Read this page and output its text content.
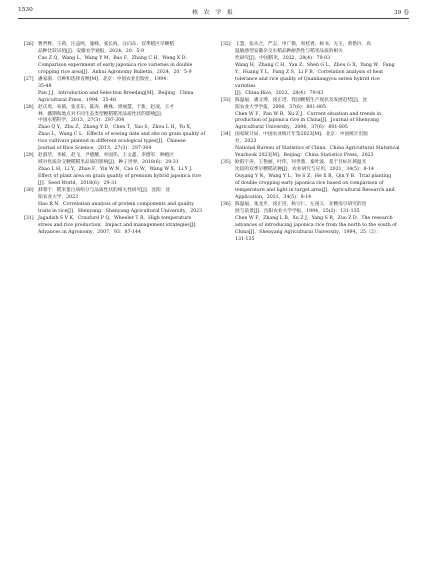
1530	核 农 学 报	39 卷
[26] 曹哲桦，王莉，汪益鸣，施峰，张长海，汪向东．双季稻区早粳稻
品种比较试验[J]．安徽农学通报，2024，20：5-9
Cao Z Q，Wang L，Wang Y M，Bao F，Zhang C H，Wang X D．
Comparison experiment of early japonica rice varieties in double
cropping rice area[J]．Anhui Agronomy Bulletin，2024，20：5-9
[27] 潘家驹．引种和选择育种[M]．北京：中国农业出版社，1994：
35-48
Pan J J．Introduction and Selection Breeding[M]．Beijing：China
Agricultural Press，1994：35-48
[28] 赵庆勇，朱镇，张亚东，陈涛，姚姝，周丽慧，于新，赵凌，王才
林．播期和地点对不同生态类型粳稻稻米品质性状的影响[J]．
中国水稻科学，2013，27(3)：297-304
Zhao Q Y，Zhu Z，Zhang Y D，Chen T，Yao S，Zhou L H，Yu X，
Zhao L，Wang C L．Effects of sowing date and site on grain quality of
rice cultivars planted in different ecological types[J]．Chinese
Journal of Rice Science，2013，27(3)：297-304
[29] 赵淑华，李栋，赵飞，尹德耀，单国伟，王文鑫，李德军．种植区
域对优质杂交粳稻稻米品质的影响[J]．种子世界，2018(6)：29-31
Zhao L H，Li Y，Zhao F，Yin W N，Cao G W，Wang W X，Li Y J．
Effect of plant area on grain quality of premium hybrid japonica rice
[J]．Seed World，2018(6)：29-31
[30] 郝蓉宇．稻米蛋白质组分与品质性状的相关性研究[J]．沈阳：沈
阳农业大学，2023
Hao R N．Correlation analysis of protein components and quality
traits in rice[J]．Shenyang：Shenyang Agricultural University，2023
[31] Jagadish S V K，Craufurd P Q，Wheeler T R．High temperature
stress and rice production：Impact and management strategies[J]．
Advances in Agronomy，2007，93：87-144
[32] 王慧，张从合，严志，申广勒，周桂香，杨书，方玉，黄艳玲．高
温敏感型安徽杂交水稻品种耐热性与稻米品质的相关
性研究[J]．中国稻米，2022，28(4)：79-83
Wang H，Zhang C H，Yan Z，Shen G L，Zhou G X，Yang W，Fang
Y，Huang Y L，Fang Z S，Li F B．Correlation analysis of heat
tolerance and rice quality of Quanliangyou series hybrid rice varieties
[J]．China Rice，2022，28(4)：79-83
[33] 陈温福，潘文博，徐正进．我国粳稻生产现状及发展趋势[J]．沈
阳农业大学学报，2006，37(6)：801-805
Chen W F，Pan W B，Xu Z J．Current situation and trends in
production of japonica rice in China[J]．Journal of Shenyang
Agricultural University，2006，37(6)：801-805
[34] 国家统计局．中国农业统计年鉴2023[M]．北京：中国统计出版
社，2023
National Bureau of Statistics of China．China Agricultural Statistical
Yearbook 2023[M]．Beijing：China Statistics Press，2023
[35] 欧阳宇涛，王艳丽，叶伟，何世鼎，秦叶波．基于目标区域温光
比较的双季早粳稻试种[J]．农业研究与应用，2021，34(5)：8-14
Ouyang Y N，Wang Y L，Ye S Z，He X B，Qin Y B．Trial planting
of double cropping early japonica rice based on comparison of
temperature and light in target area[J]．Agricultural Research and
Application，2021，34(5)：8-14
[36] 陈温福，张龙步，徐正进，杨守仁，左国义．北粳南引研究的进
展与前景[J]．沈阳农业大学学报，1994，25(2)：131-135
Chen W F，Zhang L B，Xu Z J，Yang S R，Zuo Z D．The research
advances of introducing japonica rice from the north to the south of
China[J]．Shenyang Agricultural University，1994，25（2）：
131-135
